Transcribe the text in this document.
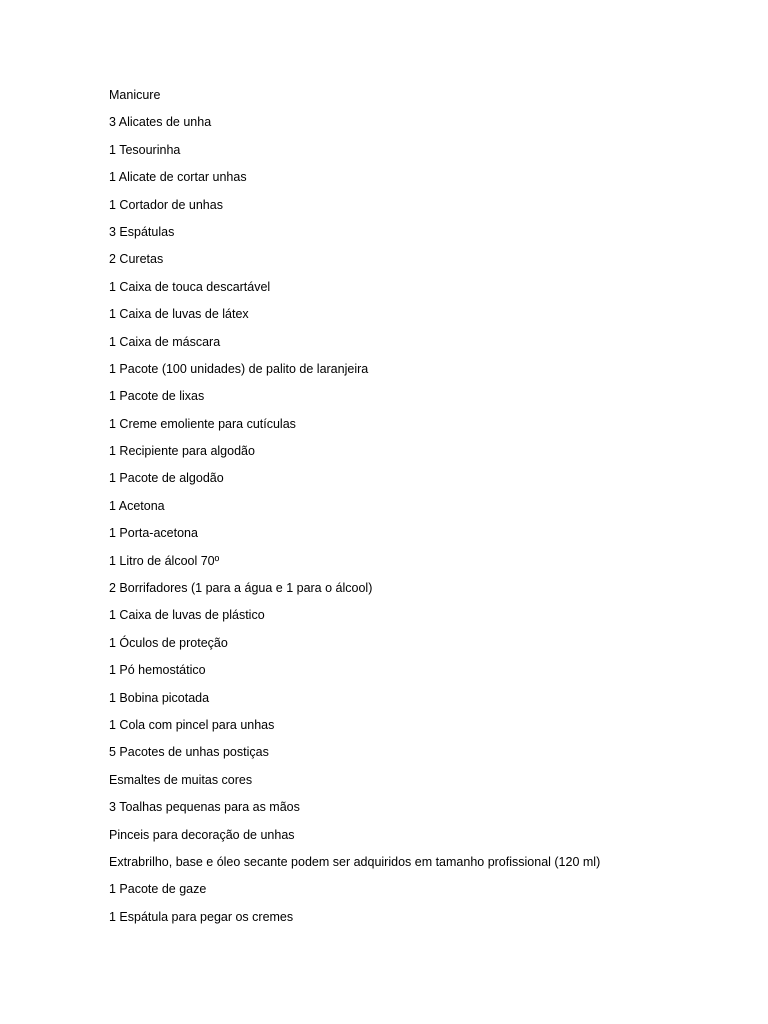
Manicure

3 Alicates de unha

1 Tesourinha

1 Alicate de cortar unhas

1 Cortador de unhas

3 Espátulas

2 Curetas

1 Caixa de touca descartável

1 Caixa de luvas de látex

1 Caixa de máscara

1 Pacote (100 unidades) de palito de laranjeira

1 Pacote de lixas

1 Creme emoliente para cutículas

1 Recipiente para algodão

1 Pacote de algodão

1 Acetona

1 Porta-acetona

1 Litro de álcool 70º

2 Borrifadores (1 para a água e 1 para o álcool)

1 Caixa de luvas de plástico

1 Óculos de proteção

1 Pó hemostático

1 Bobina picotada

1 Cola com pincel para unhas

5 Pacotes de unhas postiças

Esmaltes de muitas cores

3 Toalhas pequenas para as mãos

Pinceis para decoração de unhas

Extrabrilho, base e óleo secante podem ser adquiridos em tamanho profissional (120 ml)

1 Pacote de gaze

1 Espátula para pegar os cremes
